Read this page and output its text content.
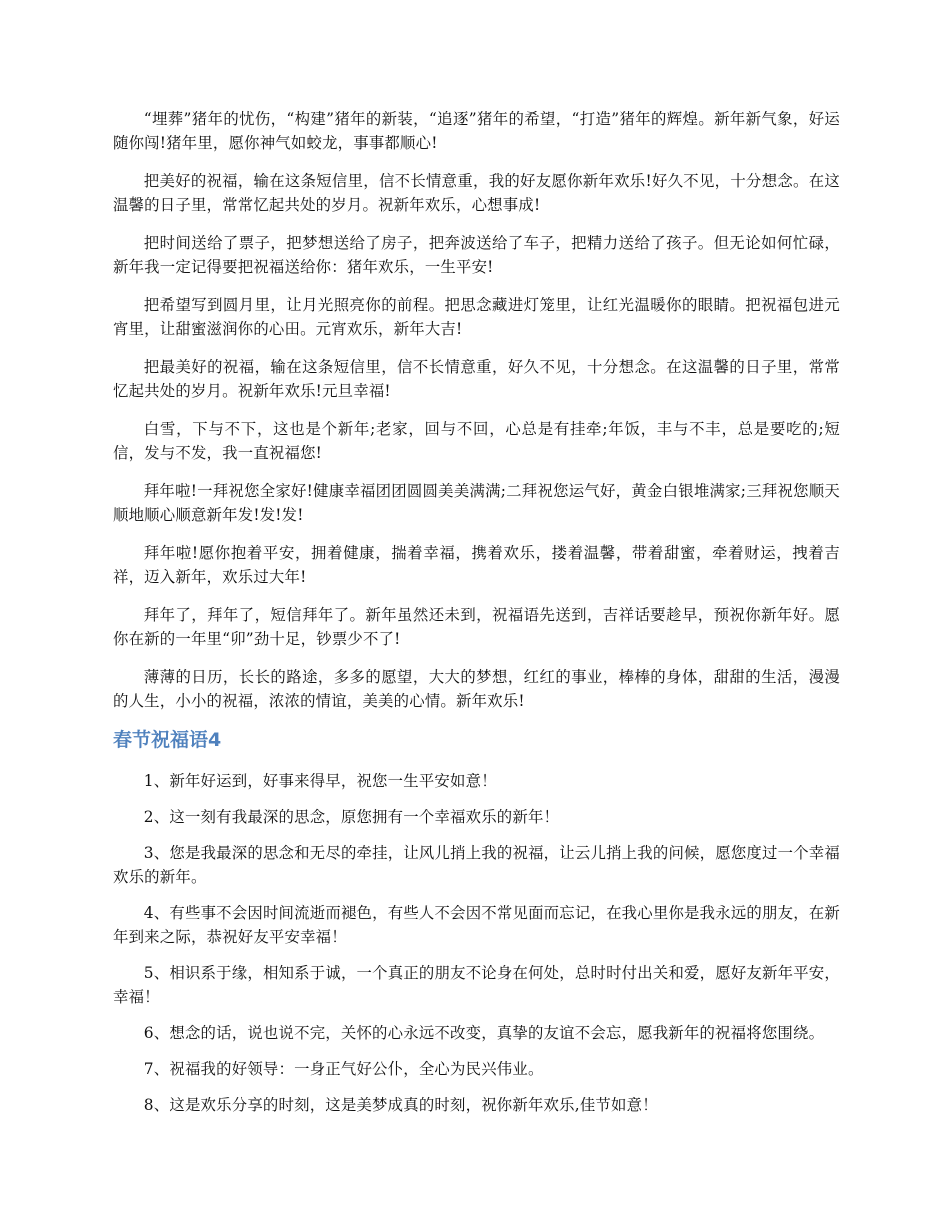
“埋葬”猪年的忧伤，“构建”猪年的新装，“追逐”猪年的希望，“打造”猪年的辉煌。新年新气象，好运随你闯!猪年里，愿你神气如蛟龙，事事都顺心!

把美好的祝福，输在这条短信里，信不长情意重，我的好友愿你新年欢乐!好久不见，十分想念。在这温馨的日子里，常常忆起共处的岁月。祝新年欢乐，心想事成!

把时间送给了票子，把梦想送给了房子，把奔波送给了车子，把精力送给了孩子。但无论如何忙碌，新年我一定记得要把祝福送给你：猪年欢乐，一生平安!

把希望写到圆月里，让月光照亮你的前程。把思念藏进灯笼里，让红光温暖你的眼睛。把祝福包进元宵里，让甜蜜滋润你的心田。元宵欢乐，新年大吉!

把最美好的祝福，输在这条短信里，信不长情意重，好久不见，十分想念。在这温馨的日子里，常常忆起共处的岁月。祝新年欢乐!元旦幸福!

白雪，下与不下，这也是个新年;老家，回与不回，心总是有挂牵;年饭，丰与不丰，总是要吃的;短信，发与不发，我一直祝福您!

拜年啦!一拜祝您全家好!健康幸福团团圆圆美美满满;二拜祝您运气好，黄金白银堆满家;三拜祝您顺天顺地顺心顺意新年发!发!发!

拜年啦!愿你抱着平安，拥着健康，揣着幸福，携着欢乐，搂着温馨，带着甜蜜，牵着财运，拽着吉祥，迈入新年，欢乐过大年!

拜年了，拜年了，短信拜年了。新年虽然还未到，祝福语先送到，吉祥话要趁早，预祝你新年好。愿你在新的一年里“卯”劲十足，钞票少不了!

薄薄的日历，长长的路途，多多的愿望，大大的梦想，红红的事业，棒棒的身体，甜甜的生活，漫漫的人生，小小的祝福，浓浓的情谊，美美的心情。新年欢乐!

春节祝福语4

1、新年好运到，好事来得早，祝您一生平安如意！

2、这一刻有我最深的思念，原您拥有一个幸福欢乐的新年！

3、您是我最深的思念和无尽的牵挂，让风儿捎上我的祝福，让云儿捎上我的问候，愿您度过一个幸福欢乐的新年。

4、有些事不会因时间流逝而褪色，有些人不会因不常见面而忘记，在我心里你是我永远的朋友，在新年到来之际，恭祝好友平安幸福！

5、相识系于缘，相知系于诚，一个真正的朋友不论身在何处，总时时付出关和爱，愿好友新年平安，幸福！

6、想念的话，说也说不完，关怀的心永远不改变，真挚的友谊不会忘，愿我新年的祝福将您围绕。

7、祝福我的好领导：一身正气好公仆，全心为民兴伟业。

8、这是欢乐分享的时刻，这是美梦成真的时刻，祝你新年欢乐,佳节如意！
